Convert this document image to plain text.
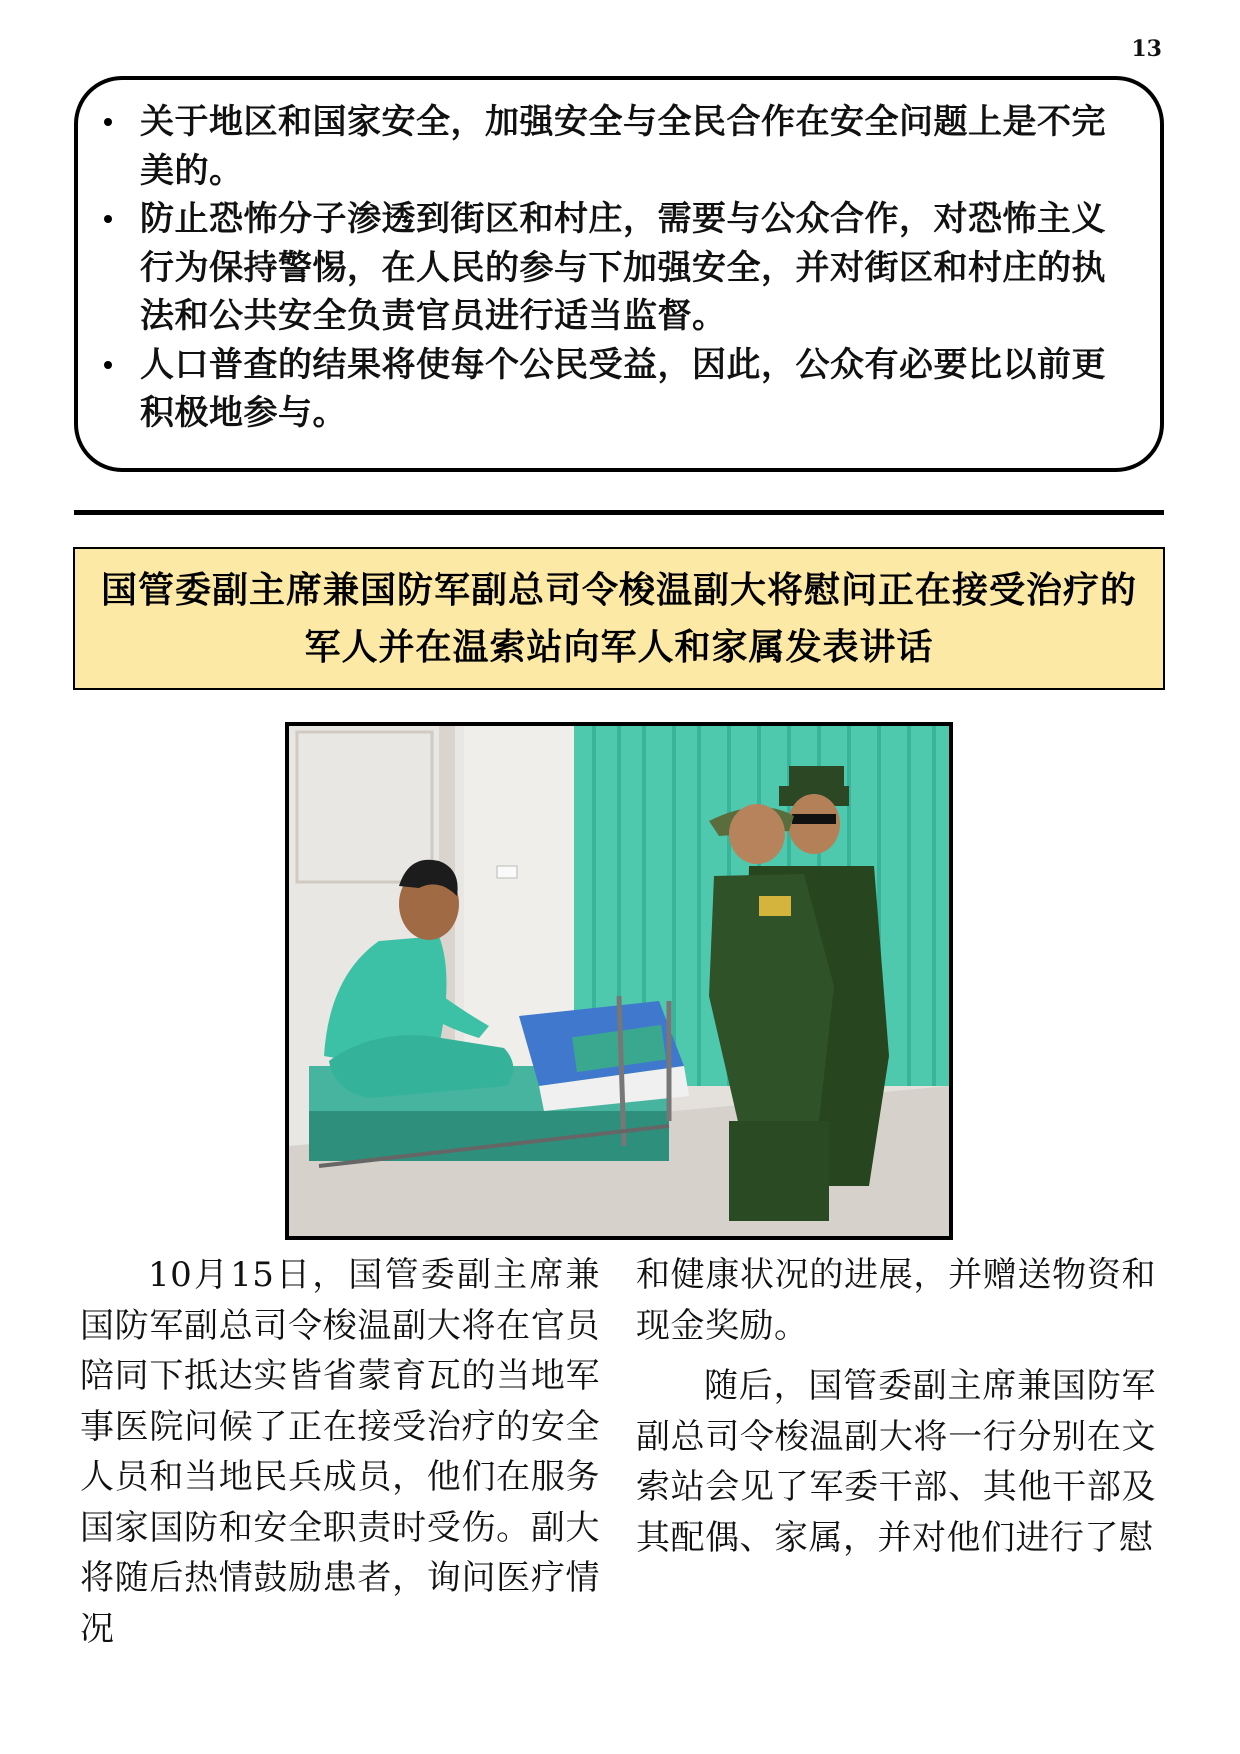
13
关于地区和国家安全，加强安全与全民合作在安全问题上是不完美的。
防止恐怖分子渗透到街区和村庄，需要与公众合作，对恐怖主义行为保持警惕，在人民的参与下加强安全，并对街区和村庄的执法和公共安全负责官员进行适当监督。
人口普查的结果将使每个公民受益，因此，公众有必要比以前更积极地参与。
国管委副主席兼国防军副总司令梭温副大将慰问正在接受治疗的军人并在温索站向军人和家属发表讲话

10月15日，国管委副主席兼国防军副总司令梭温副大将在官员陪同下抵达实皆省蒙育瓦的当地军事医院问候了正在接受治疗的安全人员和当地民兵成员，他们在服务国家国防和安全职责时受伤。副大将随后热情鼓励患者，询问医疗情况

和健康状况的进展，并赠送物资和现金奖励。

随后，国管委副主席兼国防军副总司令梭温副大将一行分别在文索站会见了军委干部、其他干部及其配偶、家属，并对他们进行了慰
